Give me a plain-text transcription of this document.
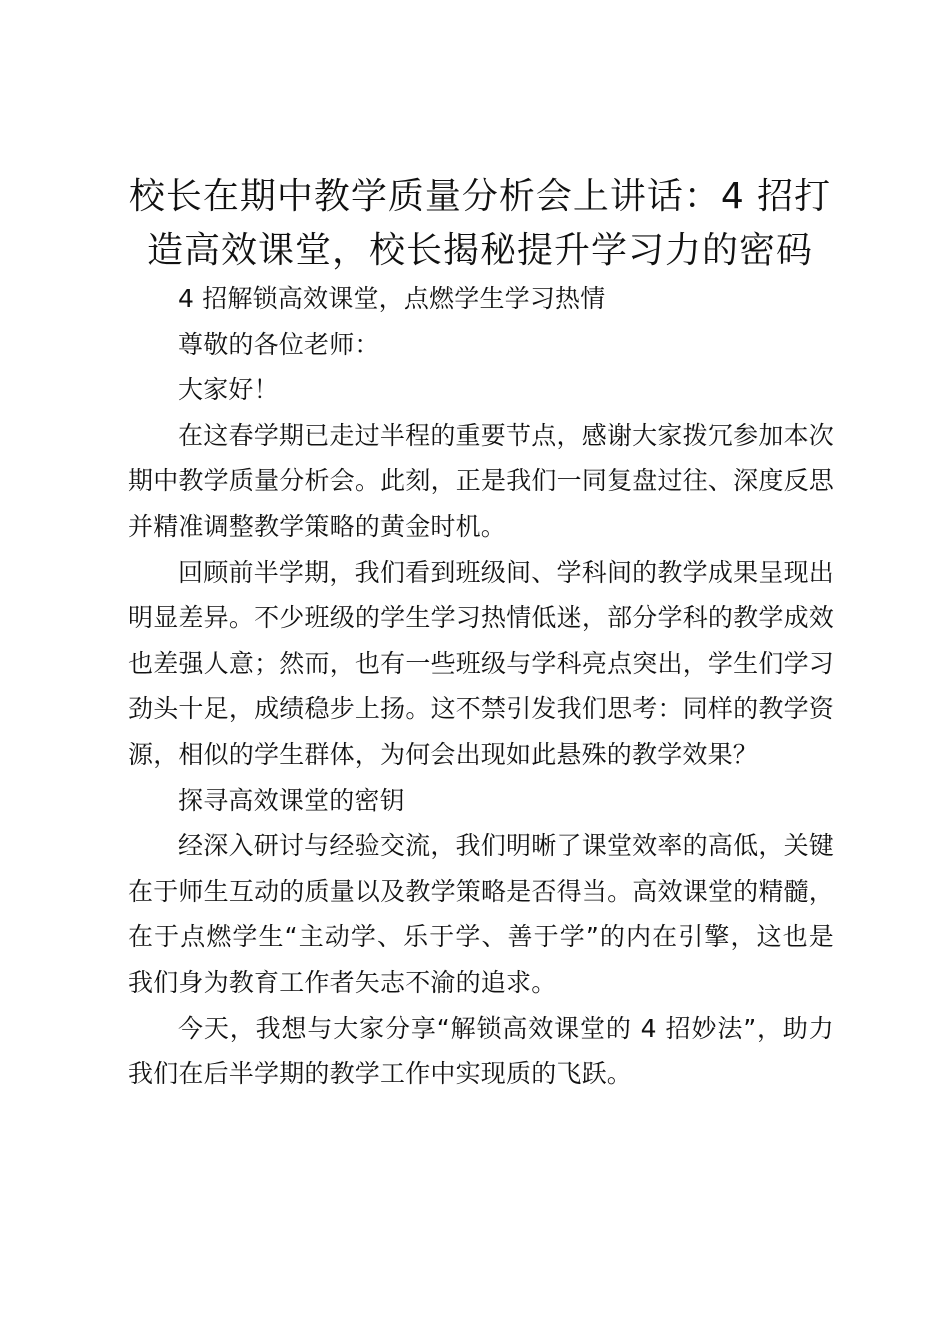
校长在期中教学质量分析会上讲话：4 招打造高效课堂，校长揭秘提升学习力的密码

4 招解锁高效课堂，点燃学生学习热情

尊敬的各位老师：

大家好！

在这春学期已走过半程的重要节点，感谢大家拨冗参加本次期中教学质量分析会。此刻，正是我们一同复盘过往、深度反思并精准调整教学策略的黄金时机。

回顾前半学期，我们看到班级间、学科间的教学成果呈现出明显差异。不少班级的学生学习热情低迷，部分学科的教学成效也差强人意；然而，也有一些班级与学科亮点突出，学生们学习劲头十足，成绩稳步上扬。这不禁引发我们思考：同样的教学资源，相似的学生群体，为何会出现如此悬殊的教学效果？

探寻高效课堂的密钥

经深入研讨与经验交流，我们明晰了课堂效率的高低，关键在于师生互动的质量以及教学策略是否得当。高效课堂的精髓，在于点燃学生“主动学、乐于学、善于学”的内在引擎，这也是我们身为教育工作者矢志不渝的追求。

今天，我想与大家分享“解锁高效课堂的 4 招妙法”，助力我们在后半学期的教学工作中实现质的飞跃。
